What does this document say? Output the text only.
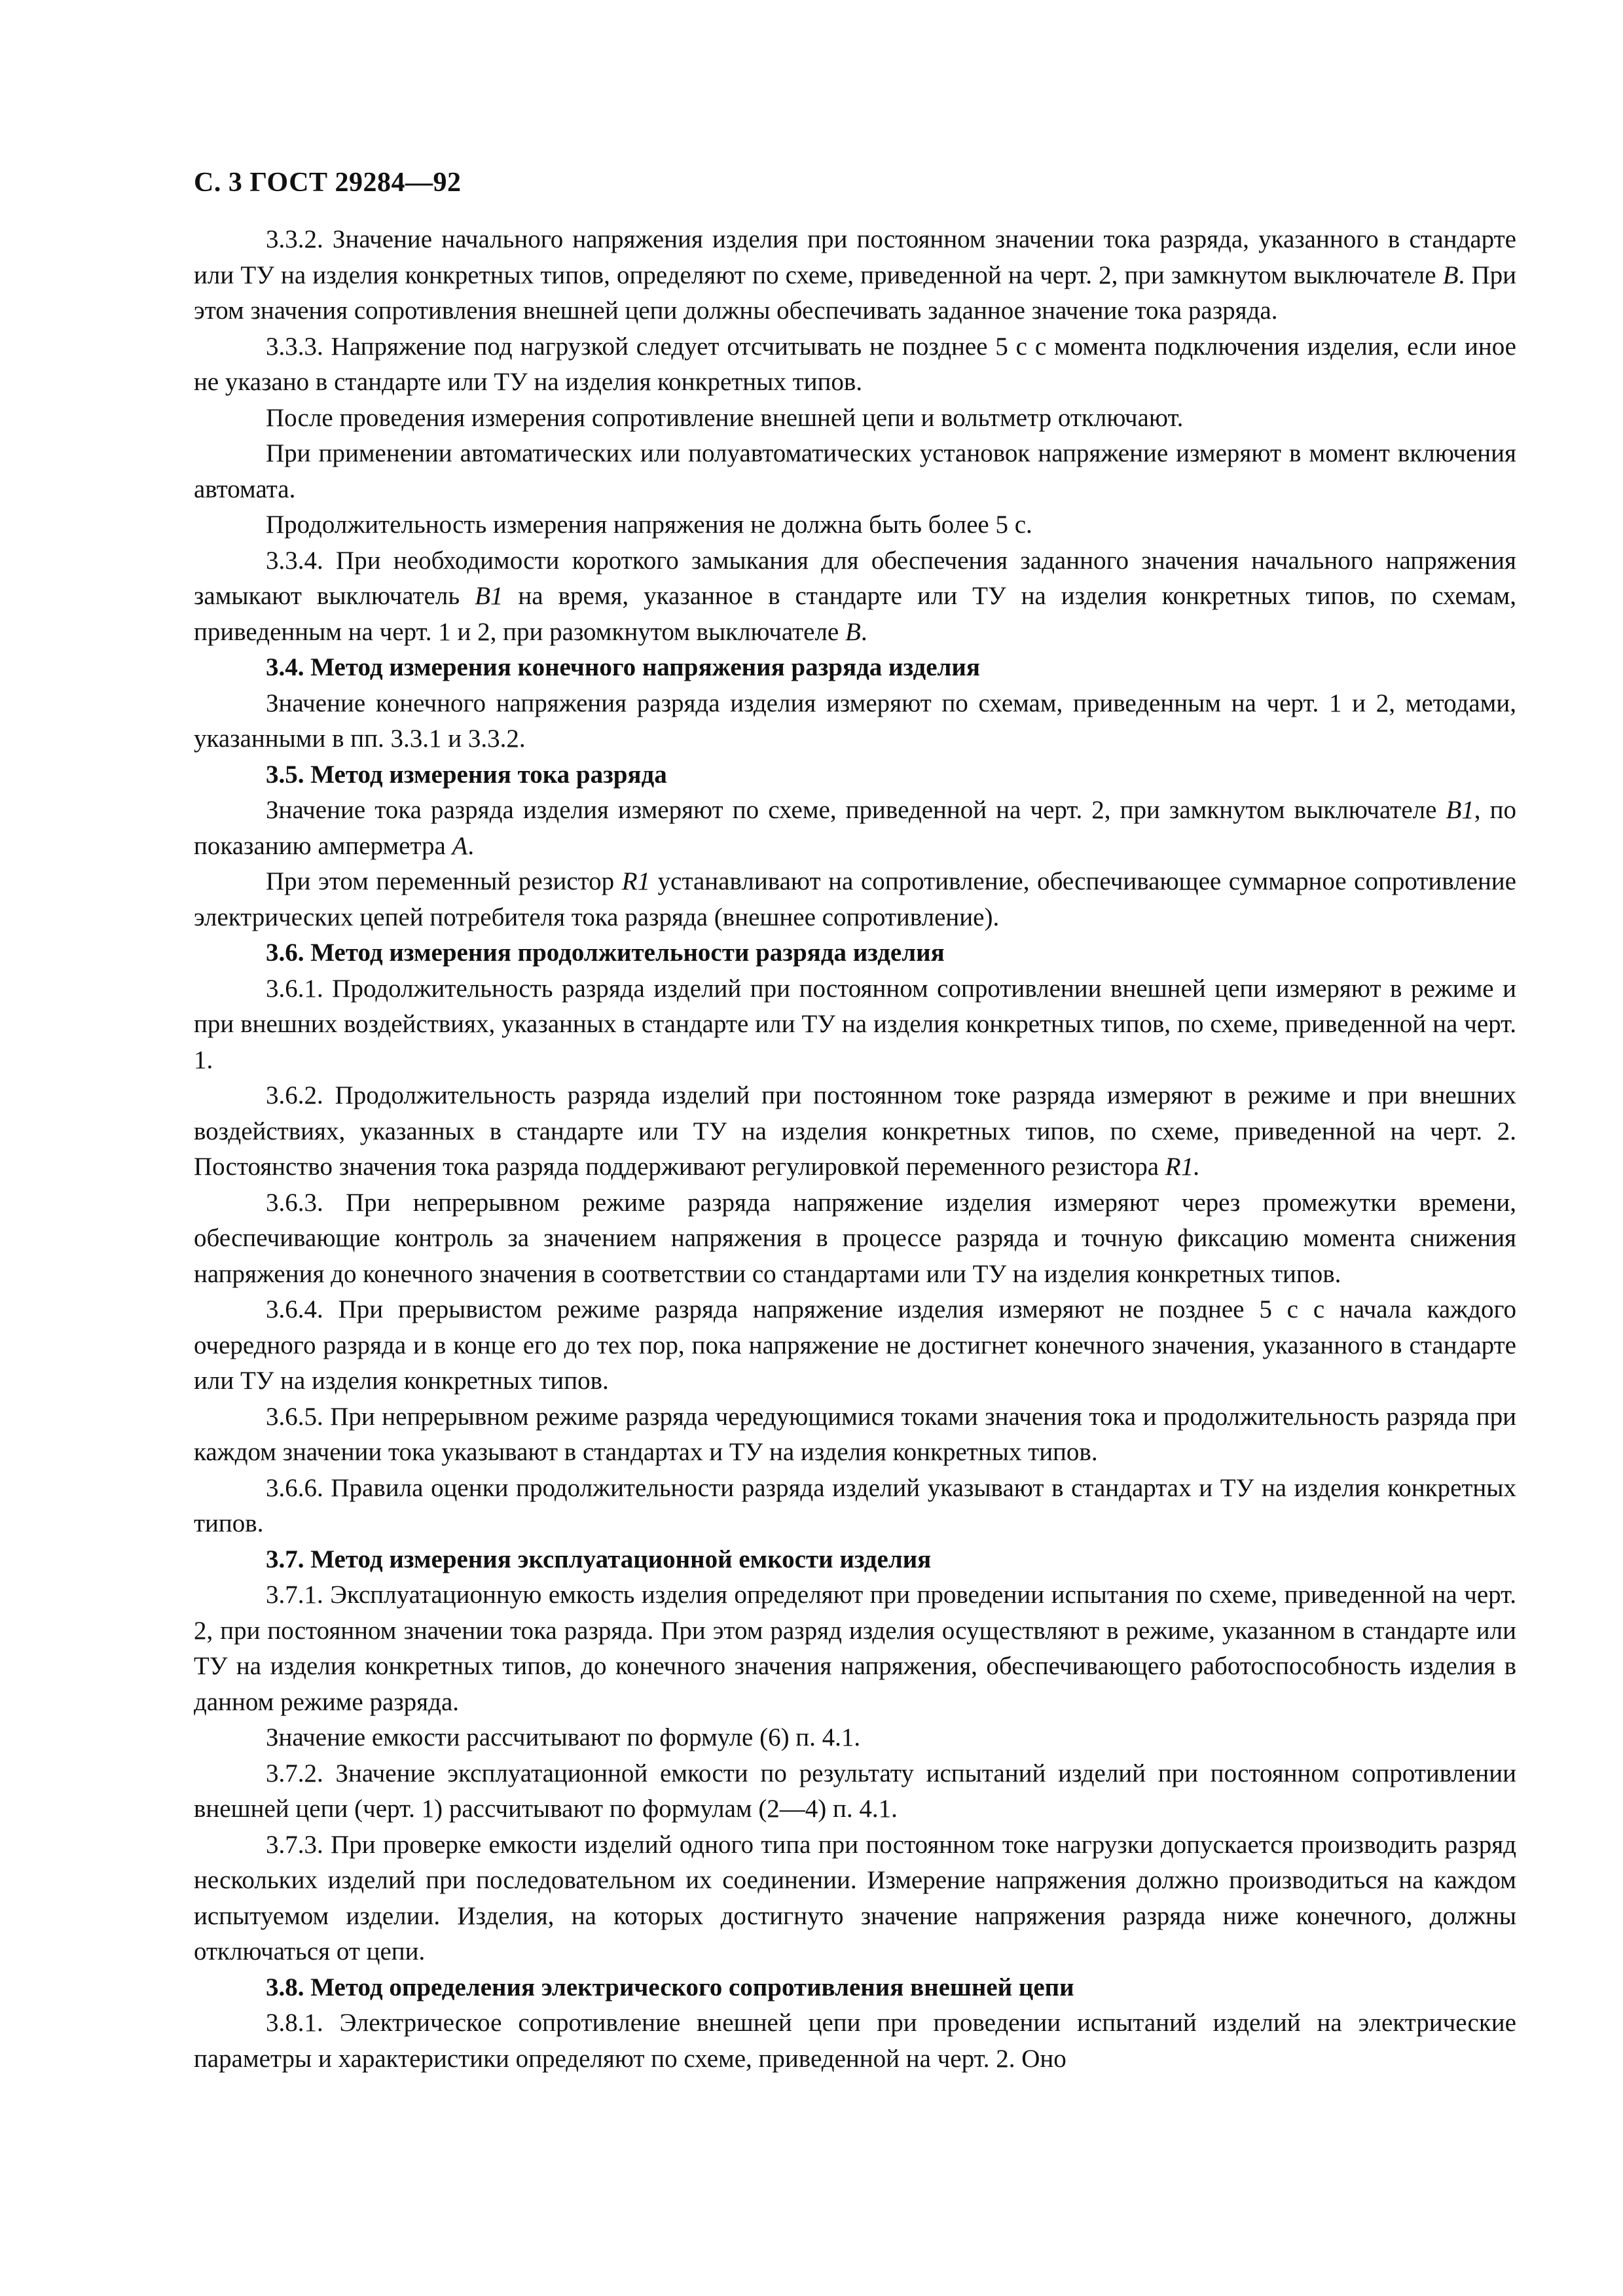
С. 3 ГОСТ 29284—92

3.3.2. Значение начального напряжения изделия при постоянном значении тока разряда, указанного в стандарте или ТУ на изделия конкретных типов, определяют по схеме, приведенной на черт. 2, при замкнутом выключателе B. При этом значения сопротивления внешней цепи должны обеспечивать заданное значение тока разряда.

3.3.3. Напряжение под нагрузкой следует отсчитывать не позднее 5 с с момента подключения изделия, если иное не указано в стандарте или ТУ на изделия конкретных типов.

После проведения измерения сопротивление внешней цепи и вольтметр отключают.

При применении автоматических или полуавтоматических установок напряжение измеряют в момент включения автомата.

Продолжительность измерения напряжения не должна быть более 5 с.

3.3.4. При необходимости короткого замыкания для обеспечения заданного значения начального напряжения замыкают выключатель B1 на время, указанное в стандарте или ТУ на изделия конкретных типов, по схемам, приведенным на черт. 1 и 2, при разомкнутом выключателе B.

3.4. Метод измерения конечного напряжения разряда изделия

Значение конечного напряжения разряда изделия измеряют по схемам, приведенным на черт. 1 и 2, методами, указанными в пп. 3.3.1 и 3.3.2.

3.5. Метод измерения тока разряда

Значение тока разряда изделия измеряют по схеме, приведенной на черт. 2, при замкнутом выключателе B1, по показанию амперметра A.

При этом переменный резистор R1 устанавливают на сопротивление, обеспечивающее суммарное сопротивление электрических цепей потребителя тока разряда (внешнее сопротивление).

3.6. Метод измерения продолжительности разряда изделия

3.6.1. Продолжительность разряда изделий при постоянном сопротивлении внешней цепи измеряют в режиме и при внешних воздействиях, указанных в стандарте или ТУ на изделия конкретных типов, по схеме, приведенной на черт. 1.

3.6.2. Продолжительность разряда изделий при постоянном токе разряда измеряют в режиме и при внешних воздействиях, указанных в стандарте или ТУ на изделия конкретных типов, по схеме, приведенной на черт. 2. Постоянство значения тока разряда поддерживают регулировкой переменного резистора R1.

3.6.3. При непрерывном режиме разряда напряжение изделия измеряют через промежутки времени, обеспечивающие контроль за значением напряжения в процессе разряда и точную фиксацию момента снижения напряжения до конечного значения в соответствии со стандартами или ТУ на изделия конкретных типов.

3.6.4. При прерывистом режиме разряда напряжение изделия измеряют не позднее 5 с с начала каждого очередного разряда и в конце его до тех пор, пока напряжение не достигнет конечного значения, указанного в стандарте или ТУ на изделия конкретных типов.

3.6.5. При непрерывном режиме разряда чередующимися токами значения тока и продолжительность разряда при каждом значении тока указывают в стандартах и ТУ на изделия конкретных типов.

3.6.6. Правила оценки продолжительности разряда изделий указывают в стандартах и ТУ на изделия конкретных типов.

3.7. Метод измерения эксплуатационной емкости изделия

3.7.1. Эксплуатационную емкость изделия определяют при проведении испытания по схеме, приведенной на черт. 2, при постоянном значении тока разряда. При этом разряд изделия осуществляют в режиме, указанном в стандарте или ТУ на изделия конкретных типов, до конечного значения напряжения, обеспечивающего работоспособность изделия в данном режиме разряда.

Значение емкости рассчитывают по формуле (6) п. 4.1.

3.7.2. Значение эксплуатационной емкости по результату испытаний изделий при постоянном сопротивлении внешней цепи (черт. 1) рассчитывают по формулам (2—4) п. 4.1.

3.7.3. При проверке емкости изделий одного типа при постоянном токе нагрузки допускается производить разряд нескольких изделий при последовательном их соединении. Измерение напряжения должно производиться на каждом испытуемом изделии. Изделия, на которых достигнуто значение напряжения разряда ниже конечного, должны отключаться от цепи.

3.8. Метод определения электрического сопротивления внешней цепи

3.8.1. Электрическое сопротивление внешней цепи при проведении испытаний изделий на электрические параметры и характеристики определяют по схеме, приведенной на черт. 2. Оно
